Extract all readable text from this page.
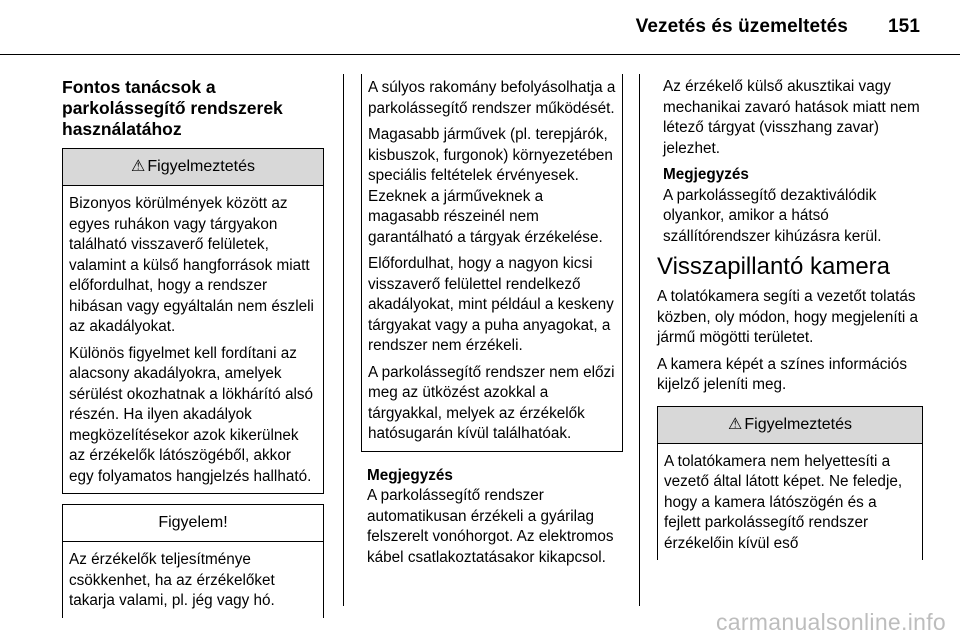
Vezetés és üzemeltetés 151
Fontos tanácsok a parkolássegítő rendszerek használatához
⚠ Figyelmeztetés

Bizonyos körülmények között az egyes ruhákon vagy tárgyakon található visszaverő felületek, valamint a külső hangforrások miatt előfordulhat, hogy a rendszer hibásan vagy egyáltalán nem észleli az akadályokat.

Különös figyelmet kell fordítani az alacsony akadályokra, amelyek sérülést okozhatnak a lökhárító alsó részén. Ha ilyen akadályok megközelítésekor azok kikerülnek az érzékelők látószögéből, akkor egy folyamatos hangjelzés hallható.

Figyelem!

Az érzékelők teljesítménye csökkenhet, ha az érzékelőket takarja valami, pl. jég vagy hó.

A súlyos rakomány befolyásolhatja a parkolássegítő rendszer működését.

Magasabb járművek (pl. terepjárók, kisbuszok, furgonok) környezetében speciális feltételek érvényesek. Ezeknek a járműveknek a magasabb részeinél nem garantálható a tárgyak érzékelése.

Előfordulhat, hogy a nagyon kicsi visszaverő felülettel rendelkező akadályokat, mint például a keskeny tárgyakat vagy a puha anyagokat, a rendszer nem érzékeli.

A parkolássegítő rendszer nem előzi meg az ütközést azokkal a tárgyakkal, melyek az érzékelők hatósugarán kívül találhatóak.

Megjegyzés
A parkolássegítő rendszer automatikusan érzékeli a gyárilag felszerelt vonóhorgot. Az elektromos kábel csatlakoztatásakor kikapcsol.

Az érzékelő külső akusztikai vagy mechanikai zavaró hatások miatt nem létező tárgyat (visszhang zavar) jelezhet.

Megjegyzés
A parkolássegítő dezaktiválódik olyankor, amikor a hátsó szállítórendszer kihúzásra kerül.
Visszapillantó kamera

A tolatókamera segíti a vezetőt tolatás közben, oly módon, hogy megjeleníti a jármű mögötti területet.

A kamera képét a színes információs kijelző jeleníti meg.

⚠ Figyelmeztetés

A tolatókamera nem helyettesíti a vezető által látott képet. Ne feledje, hogy a kamera látószögén és a fejlett parkolássegítő rendszer érzékelőin kívül eső

carmanualsonline.info
